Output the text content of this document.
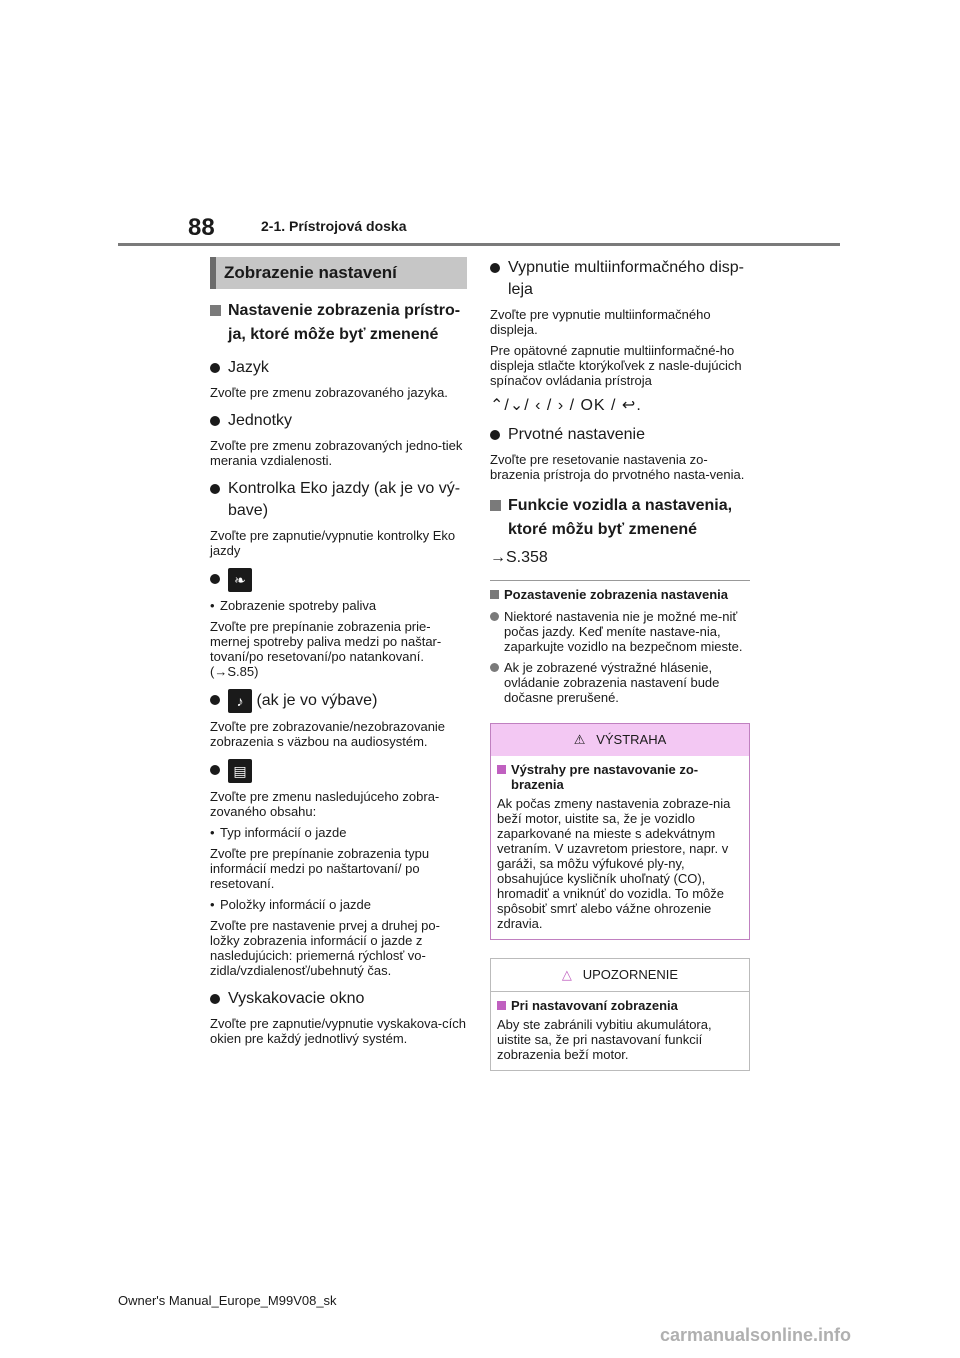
88	2-1. Prístrojová doska
Zobrazenie nastavení
Nastavenie zobrazenia prístro-ja, ktoré môže byť zmenené
Jazyk
Zvoľte pre zmenu zobrazovaného jazyka.
Jednotky
Zvoľte pre zmenu zobrazovaných jedno-tiek merania vzdialenosti.
Kontrolka Eko jazdy (ak je vo vý-bave)
Zvoľte pre zapnutie/vypnutie kontrolky Eko jazdy
❧
• Zobrazenie spotreby paliva
Zvoľte pre prepínanie zobrazenia prie-mernej spotreby paliva medzi po naštar-tovaní/po resetovaní/po natankovaní. (→S.85)
♪ (ak je vo výbave)
Zvoľte pre zobrazovanie/nezobrazovanie zobrazenia s väzbou na audiosystém.
▤
Zvoľte pre zmenu nasledujúceho zobra-zovaného obsahu:
• Typ informácií o jazde
Zvoľte pre prepínanie zobrazenia typu informácií medzi po naštartovaní/ po resetovaní.
• Položky informácií o jazde
Zvoľte pre nastavenie prvej a druhej po-ložky zobrazenia informácií o jazde z nasledujúcich: priemerná rýchlosť vo-zidla/vzdialenosť/ubehnutý čas.
Vyskakovacie okno
Zvoľte pre zapnutie/vypnutie vyskakova-cích okien pre každý jednotlivý systém.
Vypnutie multiinformačného disp-leja
Zvoľte pre vypnutie multiinformačného displeja.
Pre opätovné zapnutie multiinformačné-ho displeja stlačte ktorýkoľvek z nasle-dujúcich spínačov ovládania prístroja
⌃/⌄/ ‹ / › / OK / ↩.
Prvotné nastavenie
Zvoľte pre resetovanie nastavenia zo-brazenia prístroja do prvotného nasta-venia.
Funkcie vozidla a nastavenia, ktoré môžu byť zmenené
→S.358
Pozastavenie zobrazenia nastavenia
Niektoré nastavenia nie je možné me-niť počas jazdy. Keď meníte nastave-nia, zaparkujte vozidlo na bezpečnom mieste.
Ak je zobrazené výstražné hlásenie, ovládanie zobrazenia nastavení bude dočasne prerušené.
⚠ VÝSTRAHA
Výstrahy pre nastavovanie zo-brazenia
Ak počas zmeny nastavenia zobraze-nia beží motor, uistite sa, že je vozidlo zaparkované na mieste s adekvátnym vetraním. V uzavretom priestore, napr. v garáži, sa môžu výfukové ply-ny, obsahujúce kysličník uhoľnatý (CO), hromadiť a vniknúť do vozidla. To môže spôsobiť smrť alebo vážne ohrozenie zdravia.
△ UPOZORNENIE
Pri nastavovaní zobrazenia
Aby ste zabránili vybitiu akumulátora, uistite sa, že pri nastavovaní funkcií zobrazenia beží motor.
Owner's Manual_Europe_M99V08_sk
carmanualsonline.info
